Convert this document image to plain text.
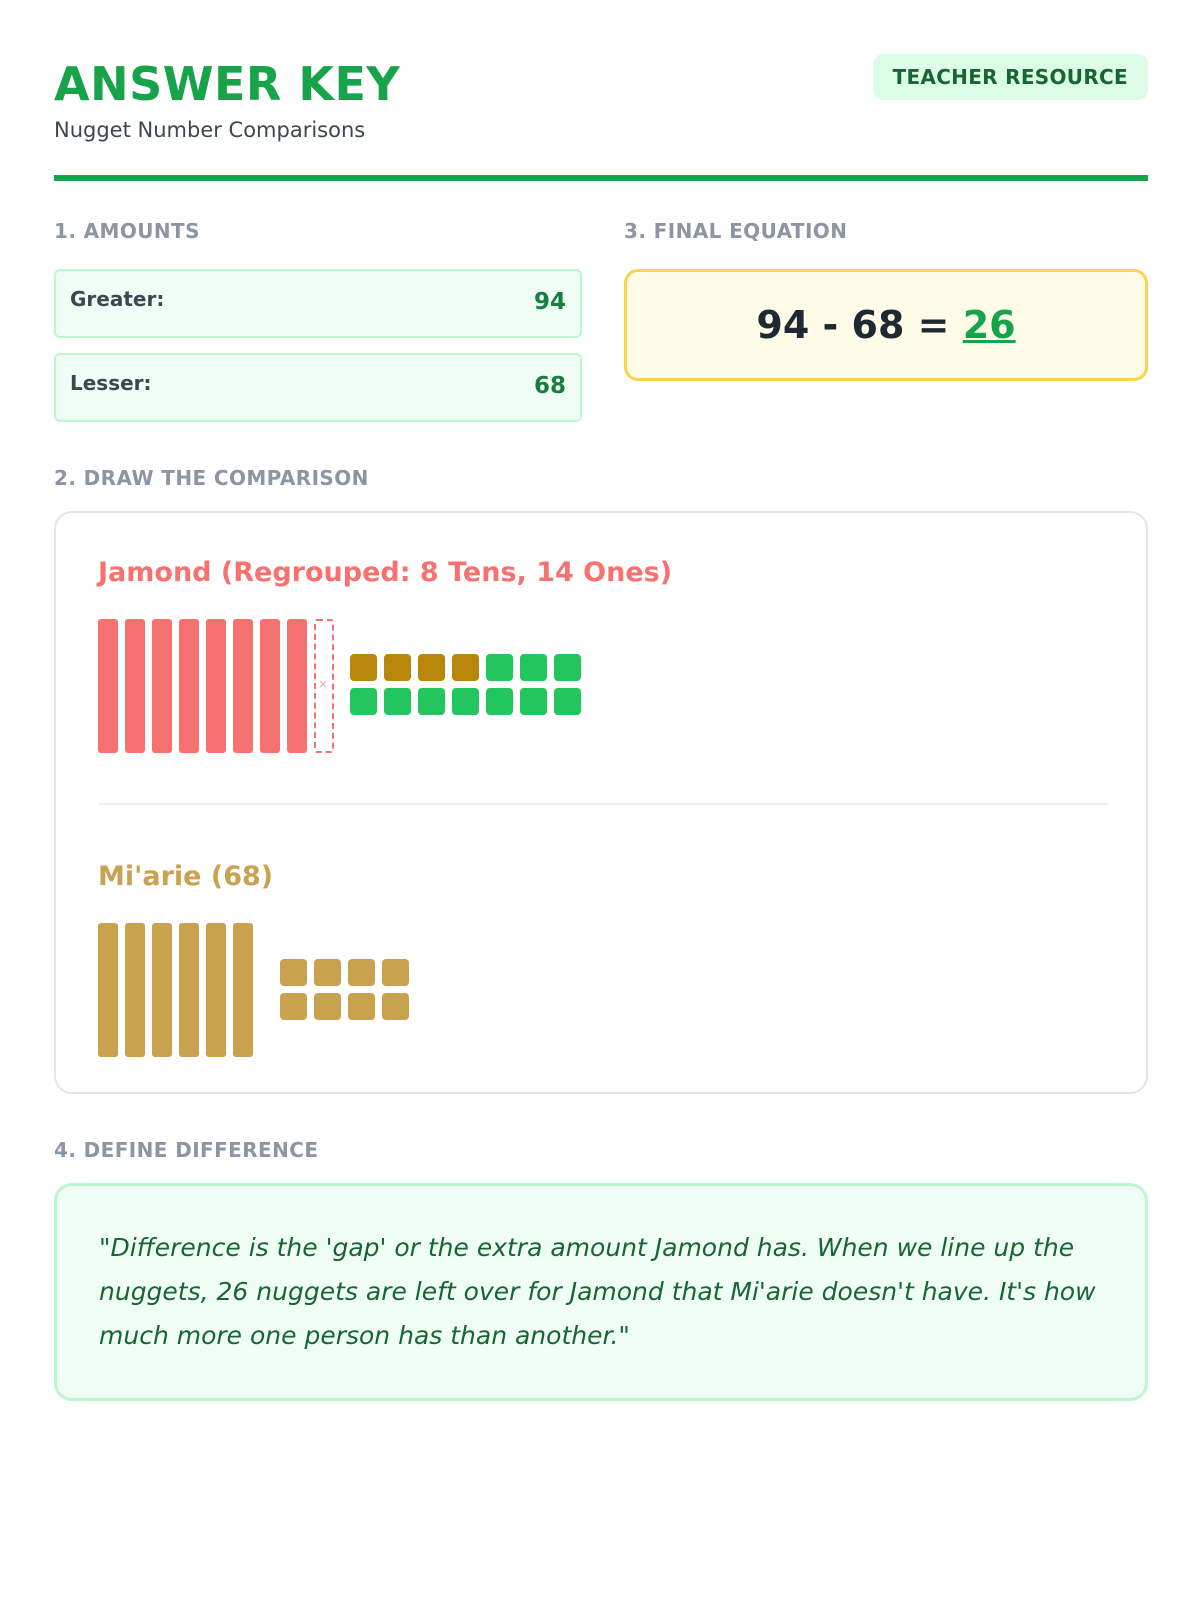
ANSWER KEY
Nugget Number Comparisons
TEACHER RESOURCE
1. AMOUNTS
Greater:	94
Lesser:	68
3. FINAL EQUATION
94 - 68 = 26
2. DRAW THE COMPARISON
Jamond (Regrouped: 8 Tens, 14 Ones)
×
Mi'arie (68)
4. DEFINE DIFFERENCE
"Difference is the 'gap' or the extra amount Jamond has. When we line up the nuggets, 26 nuggets are left over for Jamond that Mi'arie doesn't have. It's how much more one person has than another."
